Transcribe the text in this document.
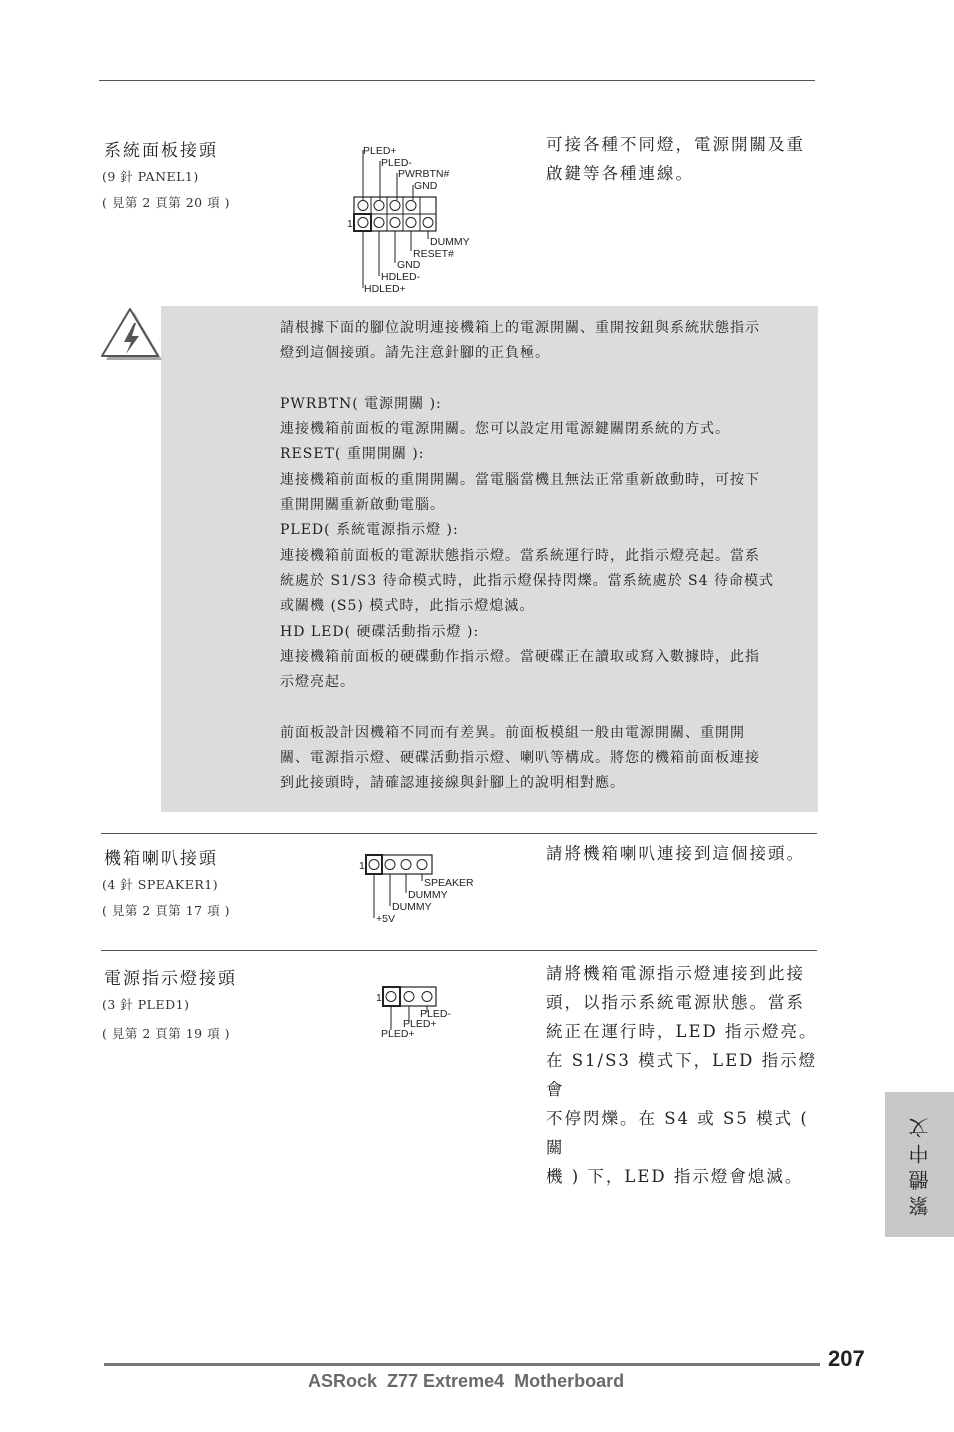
系統面板接頭
(9 針 PANEL1)
( 見第 2 頁第 20 項 )
PLED+
PLED-
PWRBTN#
GND
1
DUMMY
RESET#
GND
HDLED-
HDLED+
可接各種不同燈，電源開關及重
啟鍵等各種連線。

請根據下面的腳位說明連接機箱上的電源開關、重開按鈕與系統狀態指示

燈到這個接頭。請先注意針腳的正負極。

PWRBTN( 電源開關 ):

連接機箱前面板的電源開關。您可以設定用電源鍵關閉系統的方式。

RESET( 重開開關 ):

連接機箱前面板的重開開關。當電腦當機且無法正常重新啟動時，可按下

重開開關重新啟動電腦。

PLED( 系統電源指示燈 ):

連接機箱前面板的電源狀態指示燈。當系統運行時，此指示燈亮起。當系

統處於 S1/S3 待命模式時，此指示燈保持閃爍。當系統處於 S4 待命模式

或關機 (S5) 模式時，此指示燈熄滅。

HD LED( 硬碟活動指示燈 ):

連接機箱前面板的硬碟動作指示燈。當硬碟正在讀取或寫入數據時，此指

示燈亮起。

前面板設計因機箱不同而有差異。前面板模組一般由電源開關、重開開

關、電源指示燈、硬碟活動指示燈、喇叭等構成。將您的機箱前面板連接

到此接頭時，請確認連接線與針腳上的說明相對應。

機箱喇叭接頭
(4 針 SPEAKER1)
( 見第 2 頁第 17 項 )
1
SPEAKER
DUMMY
DUMMY
+5V
請將機箱喇叭連接到這個接頭。
電源指示燈接頭
(3 針 PLED1)
( 見第 2 頁第 19 項 )
1
PLED-
PLED+
PLED+
請將機箱電源指示燈連接到此接
頭，以指示系統電源狀態。當系
統正在運行時，LED 指示燈亮。
在 S1/S3 模式下，LED 指示燈會
不停閃爍。在 S4 或 S5 模式 ( 關
機 ) 下，LED 指示燈會熄滅。	繁體中文
207
ASRock  Z77 Extreme4  Motherboard
